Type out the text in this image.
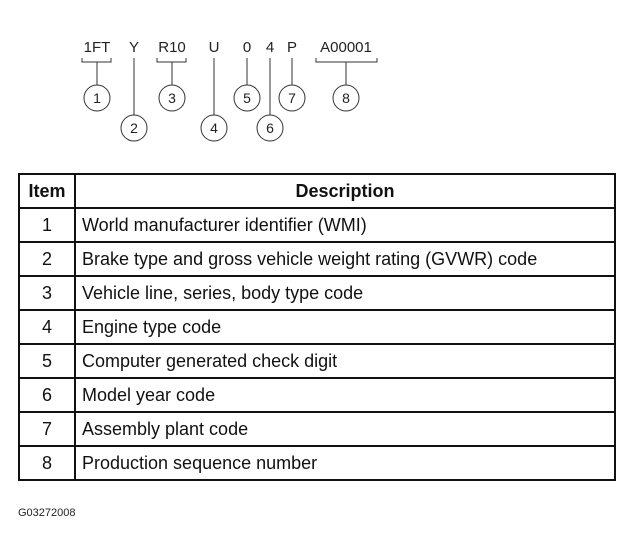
1FT Y R10 U 0 4 P A00001
1
2
3
4
5
6
7	8
Item	Description
1	World manufacturer identifier (WMI)
2	Brake type and gross vehicle weight rating (GVWR) code
3	Vehicle line, series, body type code
4	Engine type code
5	Computer generated check digit
6	Model year code
7	Assembly plant code
8	Production sequence number
G03272008
